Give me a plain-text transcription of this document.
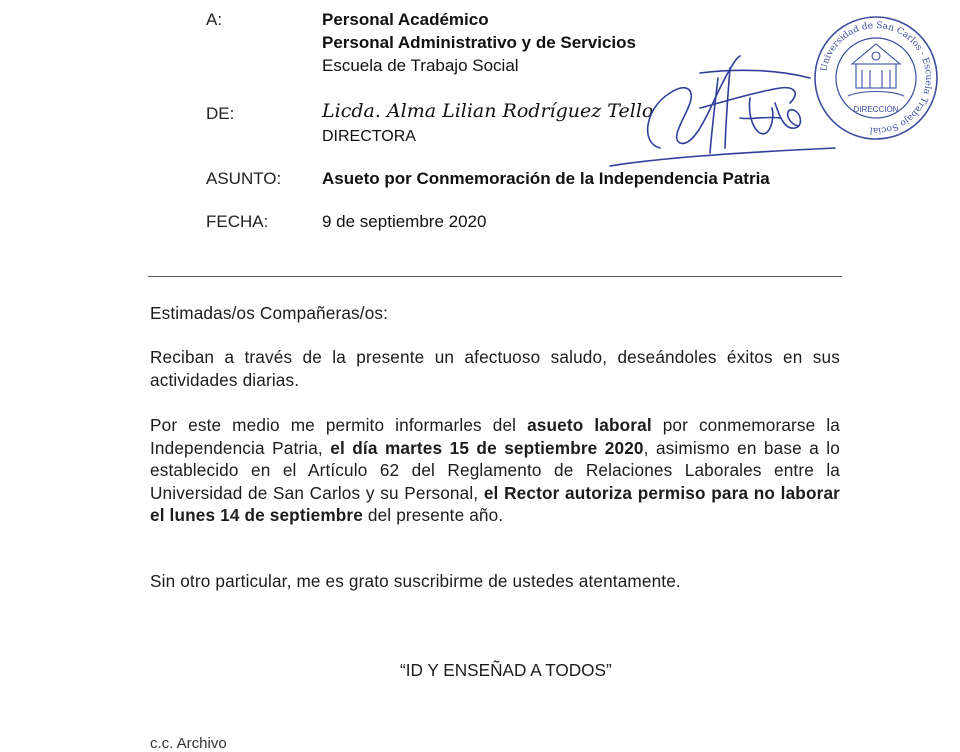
A:	Personal Académico
Personal Administrativo y de Servicios
Escuela de Trabajo Social
DE:	Licda. Alma Lilian Rodríguez Tello
DIRECTORA
ASUNTO: Asueto por Conmemoración de la Independencia Patria
FECHA:	9 de septiembre 2020
Universidad de San Carlos - Escuela Trabajo Social
DIRECCIÓN
Estimadas/os Compañeras/os:
Reciban a través de la presente un afectuoso saludo, deseándoles éxitos en sus actividades diarias.
Por este medio me permito informarles del asueto laboral por conmemorarse la Independencia Patria, el día martes 15 de septiembre 2020, asimismo en base a lo establecido en el Artículo 62 del Reglamento de Relaciones Laborales entre la Universidad de San Carlos y su Personal, el Rector autoriza permiso para no laborar el lunes 14 de septiembre del presente año.
Sin otro particular, me es grato suscribirme de ustedes atentamente.
“ID Y ENSEÑAD A TODOS”
c.c. Archivo
